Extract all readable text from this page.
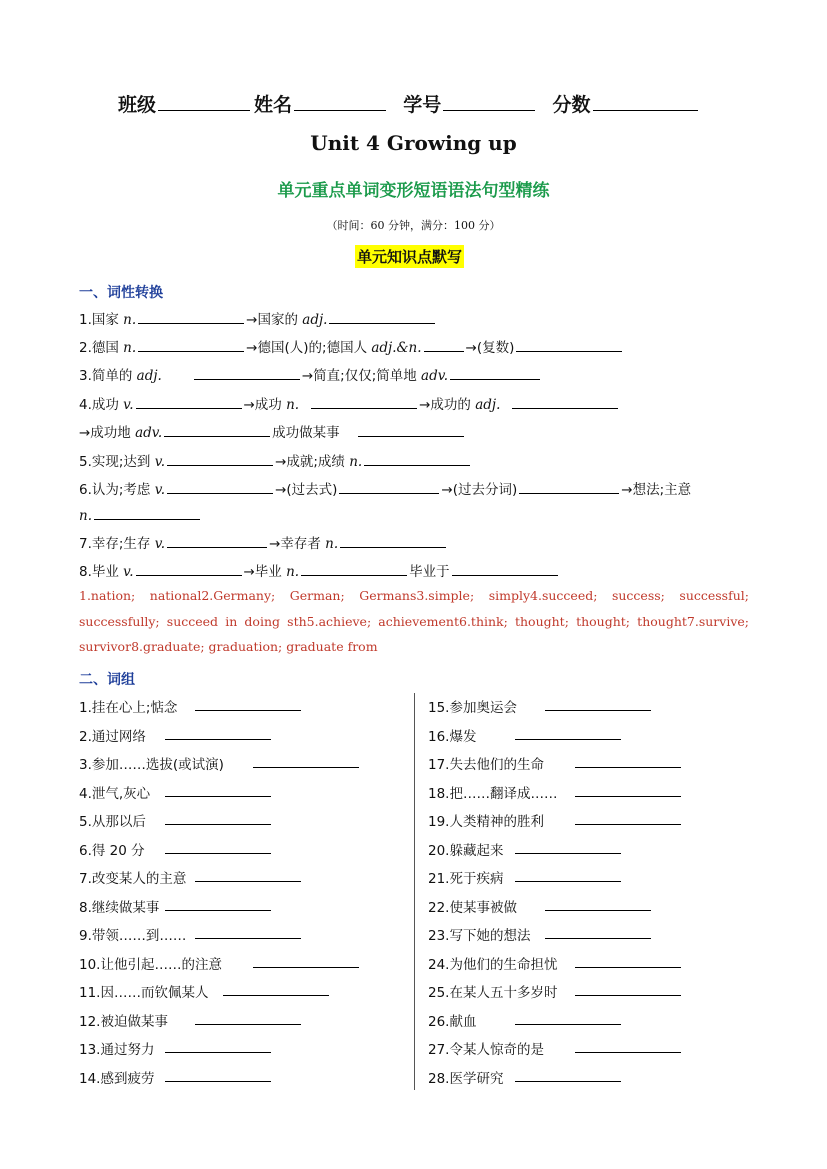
班级	姓名	学号	分数
Unit 4 Growing up
单元重点单词变形短语语法句型精练
（时间：60 分钟，满分：100 分）
单元知识点默写
一、词性转换
1.国家 n.	→国家的 adj.
2.德国 n.	→德国(人)的;德国人 adj.&n.	→(复数)
3.简单的 adj.	→简直;仅仅;简单地 adv.
4.成功 v.	→成功 n.	→成功的 adj.
→成功地 adv.	成功做某事
5.实现;达到 v.	→成就;成绩 n.
6.认为;考虑 v.	→(过去式)	→(过去分词)	→想法;主意
n.
7.幸存;生存 v.	→幸存者 n.
8.毕业 v.	→毕业 n.	毕业于
1.nation; national2.Germany; German; Germans3.simple; simply4.succeed; success; successful; successfully; succeed in doing sth5.achieve; achievement6.think; thought; thought; thought7.survive; survivor8.graduate; graduation; graduate from
二、词组
1.挂在心上;惦念
2.通过网络
3.参加……选拔(或试演)
4.泄气,灰心
5.从那以后
6.得 20 分
7.改变某人的主意
8.继续做某事
9.带领……到……
10.让他引起……的注意
11.因……而钦佩某人
12.被迫做某事
13.通过努力
14.感到疲劳
15.参加奥运会
16.爆发
17.失去他们的生命
18.把……翻译成……
19.人类精神的胜利
20.躲藏起来
21.死于疾病
22.使某事被做
23.写下她的想法
24.为他们的生命担忧
25.在某人五十多岁时
26.献血
27.令某人惊奇的是
28.医学研究
